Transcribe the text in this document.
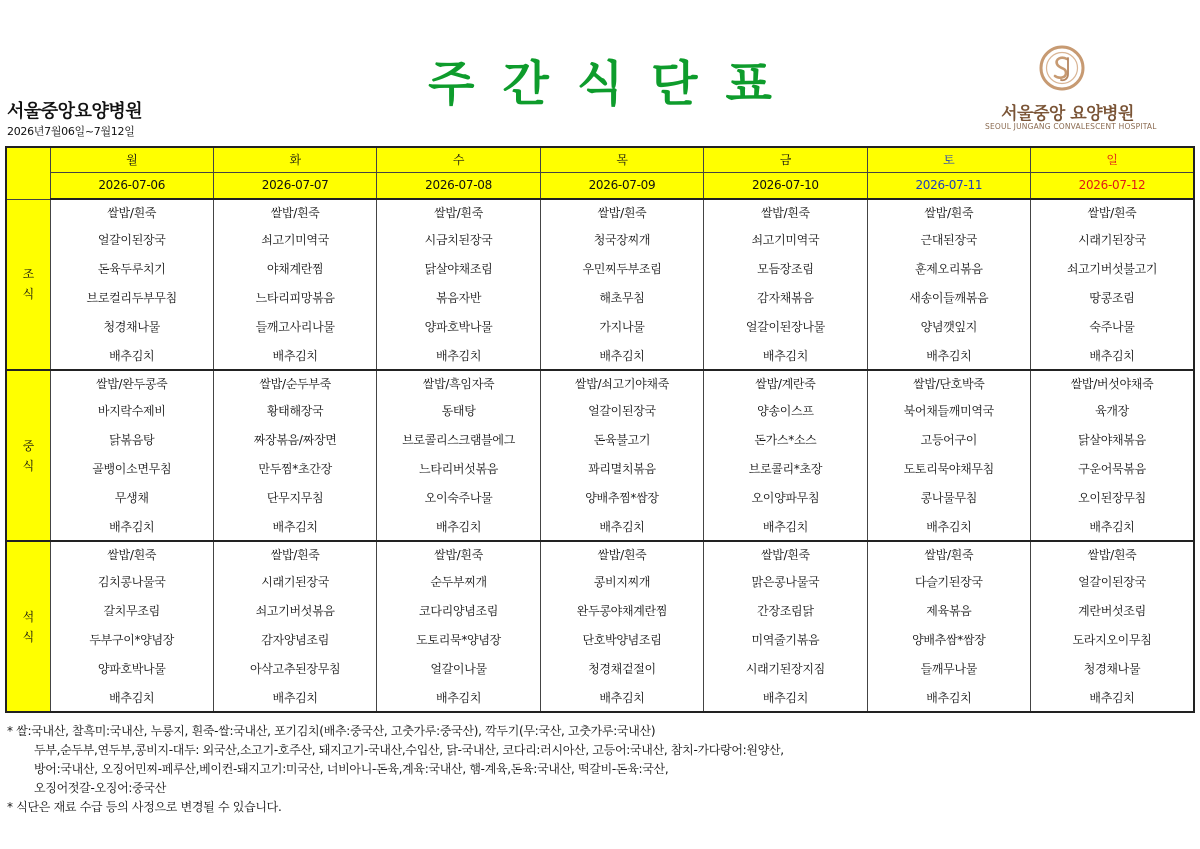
서울중앙요양병원
2026년7월06일~7월12일
주간식단표
서울중앙 요양병원
SEOUL JUNGANG CONVALESCENT HOSPITAL
	월	화	수	목	금	토	일
	2026-07-06	2026-07-07	2026-07-08	2026-07-09	2026-07-10	2026-07-11	2026-07-12

조
식	쌀밥/흰죽	쌀밥/흰죽	쌀밥/흰죽	쌀밥/흰죽	쌀밥/흰죽	쌀밥/흰죽	쌀밥/흰죽
	얼갈이된장국	쇠고기미역국	시금치된장국	청국장찌개	쇠고기미역국	근대된장국	시래기된장국
	돈육두루치기	야채계란찜	닭살야채조림	우민찌두부조림	모듬장조림	훈제오리볶음	쇠고기버섯불고기
	브로컬리두부무침	느타리피망볶음	볶음자반	해초무침	감자채볶음	새송이들깨볶음	땅콩조림
	청경채나물	들깨고사리나물	양파호박나물	가지나물	얼갈이된장나물	양념깻잎지	숙주나물
	배추김치	배추김치	배추김치	배추김치	배추김치	배추김치	배추김치

중
식	쌀밥/완두콩죽	쌀밥/순두부죽	쌀밥/흑임자죽	쌀밥/쇠고기야채죽	쌀밥/계란죽	쌀밥/단호박죽	쌀밥/버섯야채죽
	바지락수제비	황태해장국	동태탕	얼갈이된장국	양송이스프	북어채들깨미역국	육개장
	닭볶음탕	짜장볶음/짜장면	브로콜리스크램블에그	돈육불고기	돈가스*소스	고등어구이	닭살야채볶음
	골뱅이소면무침	만두찜*초간장	느타리버섯볶음	꽈리멸치볶음	브로콜리*초장	도토리묵야채무침	구운어묵볶음
	무생채	단무지무침	오이숙주나물	양배추찜*쌈장	오이양파무침	콩나물무침	오이된장무침
	배추김치	배추김치	배추김치	배추김치	배추김치	배추김치	배추김치

석
식	쌀밥/흰죽	쌀밥/흰죽	쌀밥/흰죽	쌀밥/흰죽	쌀밥/흰죽	쌀밥/흰죽	쌀밥/흰죽
	김치콩나물국	시래기된장국	순두부찌개	콩비지찌개	맑은콩나물국	다슬기된장국	얼갈이된장국
	갈치무조림	쇠고기버섯볶음	코다리양념조림	완두콩야채계란찜	간장조림닭	제육볶음	계란버섯조림
	두부구이*양념장	감자양념조림	도토리묵*양념장	단호박양념조림	미역줄기볶음	양배추쌈*쌈장	도라지오이무침
	양파호박나물	아삭고추된장무침	얼갈이나물	청경채겉절이	시래기된장지짐	들깨무나물	청경채나물
	배추김치	배추김치	배추김치	배추김치	배추김치	배추김치	배추김치
* 쌀:국내산, 찰흑미:국내산, 누룽지, 흰죽-쌀:국내산, 포기김치(배추:중국산, 고춧가루:중국산), 깍두기(무:국산, 고춧가루:국내산)
두부,순두부,연두부,콩비지-대두: 외국산,소고기-호주산, 돼지고기-국내산,수입산, 닭-국내산, 코다리:러시아산, 고등어:국내산, 참치-가다랑어:원양산,
방어:국내산, 오징어민찌-페루산,베이컨-돼지고기:미국산, 너비아니-돈육,계육:국내산, 햄-계육,돈육:국내산, 떡갈비-돈육:국산,
오징어젓갈-오징어:중국산
* 식단은 재료 수급 등의 사정으로 변경될 수 있습니다.
